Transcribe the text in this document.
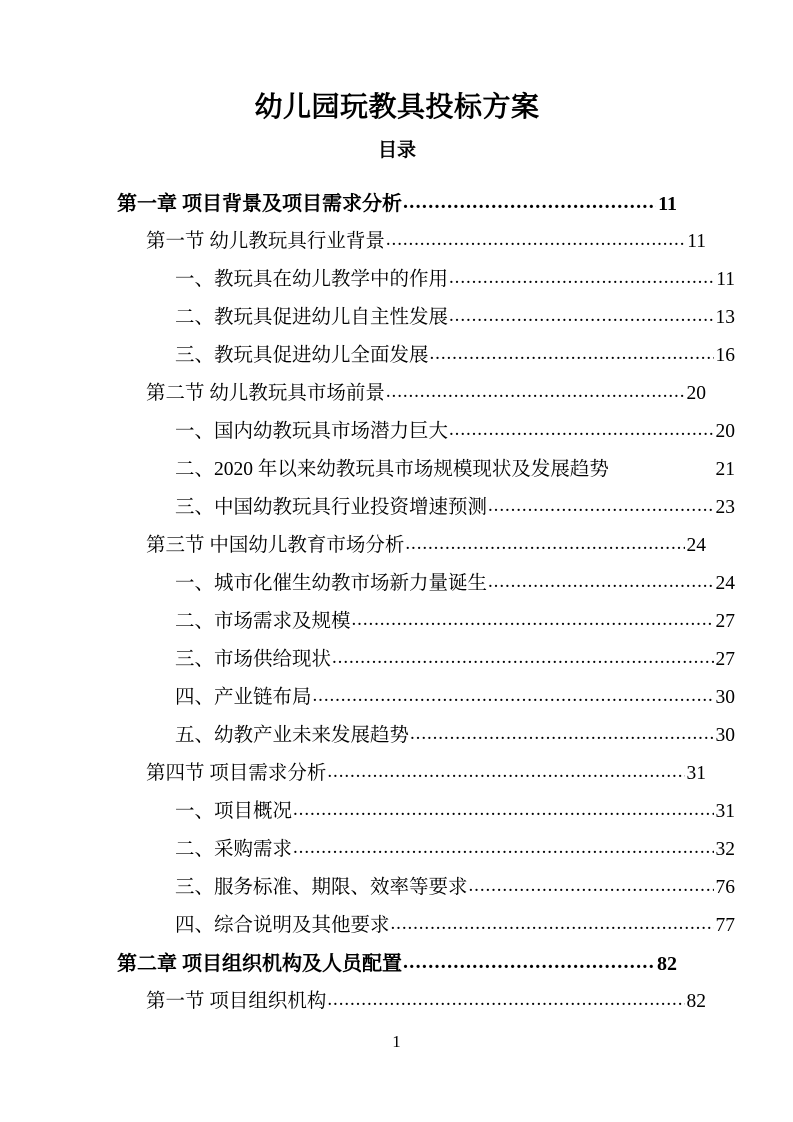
幼儿园玩教具投标方案
目录
第一章 项目背景及项目需求分析 .....	11
第一节 幼儿教玩具行业背景 .....	11
一、教玩具在幼儿教学中的作用 .....	11
二、教玩具促进幼儿自主性发展 .....	13
三、教玩具促进幼儿全面发展 .....	16
第二节 幼儿教玩具市场前景 .....	20
一、国内幼教玩具市场潜力巨大 .....	20
二、2020 年以来幼教玩具市场规模现状及发展趋势	21
三、中国幼教玩具行业投资增速预测 .....	23
第三节 中国幼儿教育市场分析 .....	24
一、城市化催生幼教市场新力量诞生 .....	24
二、市场需求及规模 .....	27
三、市场供给现状 .....	27
四、产业链布局 .....	30
五、幼教产业未来发展趋势 .....	30
第四节 项目需求分析 .....	31
一、项目概况 .....	31
二、采购需求 .....	32
三、服务标准、期限、效率等要求 .....	76
四、综合说明及其他要求 .....	77
第二章 项目组织机构及人员配置 .....	82
第一节 项目组织机构 .....	82
1
